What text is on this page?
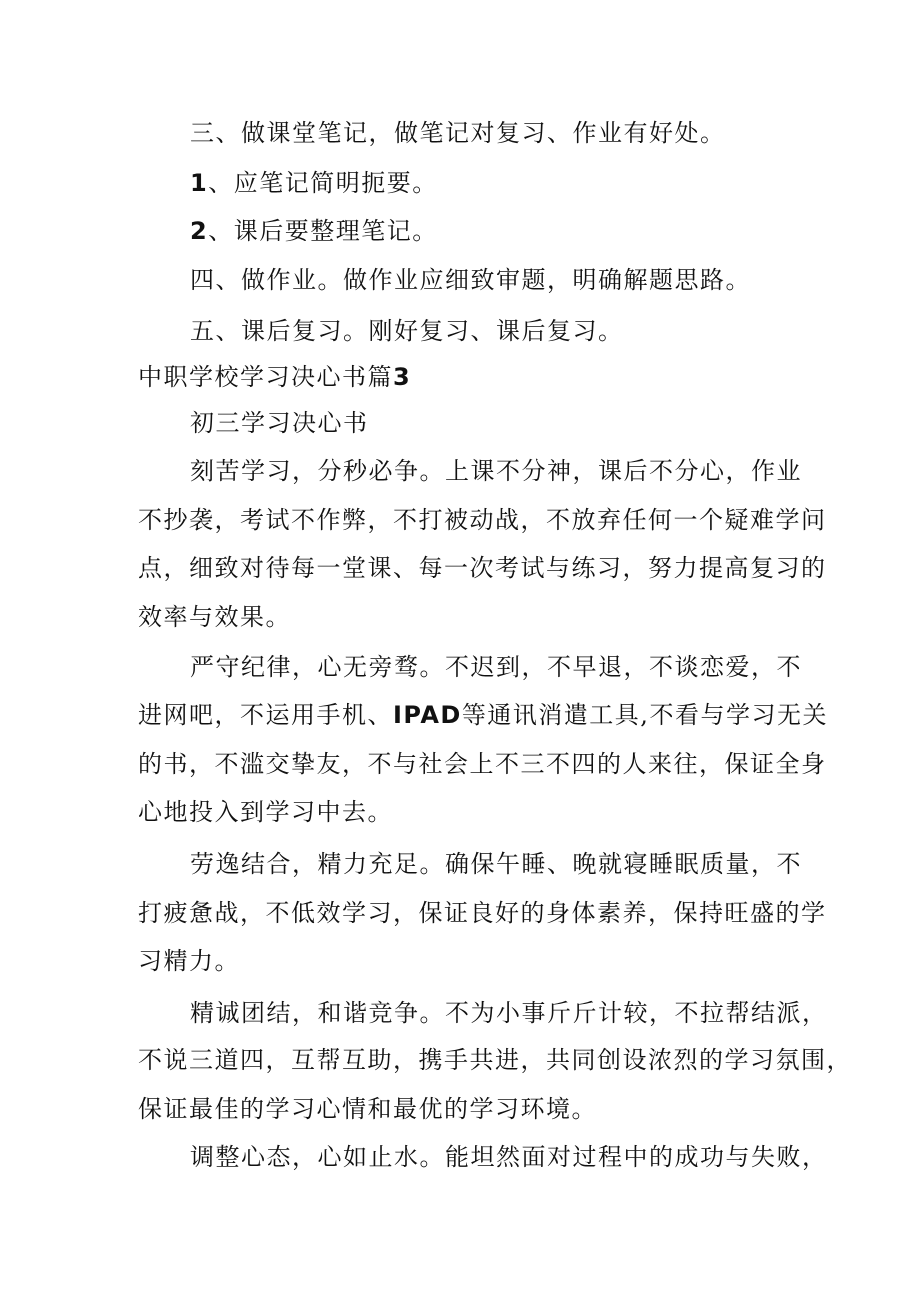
三、做课堂笔记，做笔记对复习、作业有好处。
1、应笔记简明扼要。
2、课后要整理笔记。
四、做作业。做作业应细致审题，明确解题思路。
五、课后复习。刚好复习、课后复习。
中职学校学习决心书篇3
初三学习决心书
刻苦学习，分秒必争。上课不分神，课后不分心，作业
不抄袭，考试不作弊，不打被动战，不放弃任何一个疑难学问
点，细致对待每一堂课、每一次考试与练习，努力提高复习的
效率与效果。
严守纪律，心无旁骛。不迟到，不早退，不谈恋爱，不
进网吧，不运用手机、IPAD等通讯消遣工具,不看与学习无关
的书，不滥交挚友，不与社会上不三不四的人来往，保证全身
心地投入到学习中去。
劳逸结合，精力充足。确保午睡、晚就寝睡眠质量，不
打疲惫战，不低效学习，保证良好的身体素养，保持旺盛的学
习精力。
精诚团结，和谐竞争。不为小事斤斤计较，不拉帮结派，
不说三道四，互帮互助，携手共进，共同创设浓烈的学习氛围，
保证最佳的学习心情和最优的学习环境。
调整心态，心如止水。能坦然面对过程中的成功与失败，
